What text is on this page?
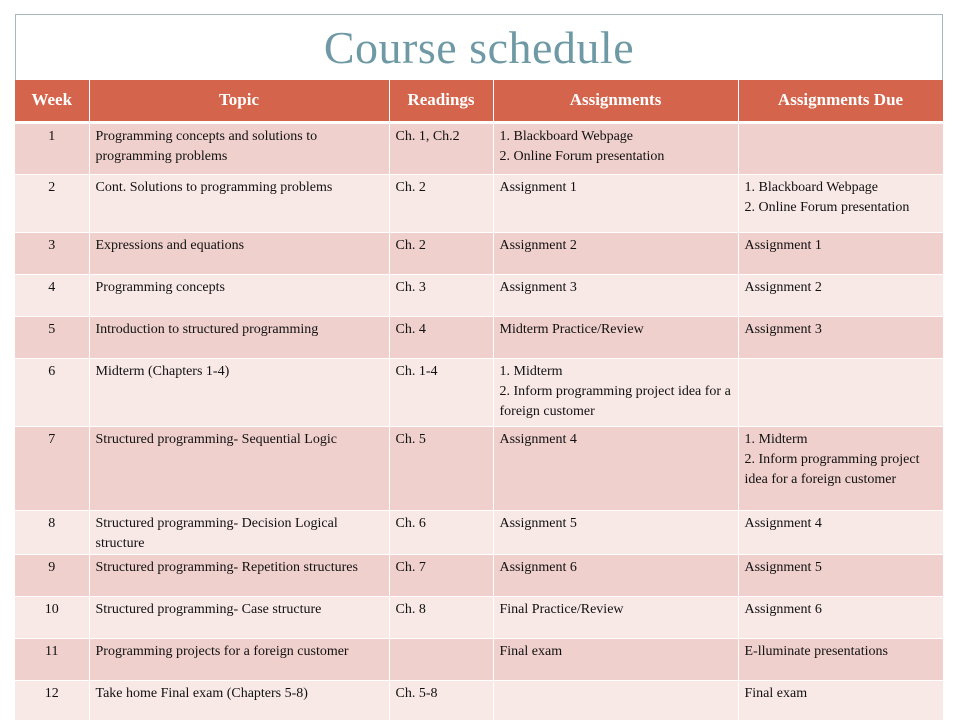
Course schedule
Week	Topic	Readings	Assignments	Assignments Due
1	Programming concepts and solutions to programming problems	Ch. 1, Ch.2	1. Blackboard Webpage
2. Online Forum presentation	

2	Cont. Solutions to programming problems	Ch. 2	Assignment 1	1. Blackboard Webpage
2. Online Forum presentation

3	Expressions and equations	Ch. 2	Assignment 2	Assignment 1

4	Programming concepts	Ch. 3	Assignment 3	Assignment 2

5	Introduction to structured programming	Ch. 4	Midterm Practice/Review	Assignment 3

6	Midterm (Chapters 1-4)	Ch. 1-4	1. Midterm
2. Inform programming project idea for a foreign customer	

7	Structured programming- Sequential Logic	Ch. 5	Assignment 4	1. Midterm
2. Inform programming project idea for a foreign customer

8	Structured programming- Decision Logical structure	Ch. 6	Assignment 5	Assignment 4

9	Structured programming- Repetition structures	Ch. 7	Assignment 6	Assignment 5

10	Structured programming- Case structure	Ch. 8	Final Practice/Review	Assignment 6

11	Programming projects for a foreign customer		Final exam	E-lluminate presentations

12	Take home Final exam (Chapters 5-8)	Ch. 5-8		Final exam
